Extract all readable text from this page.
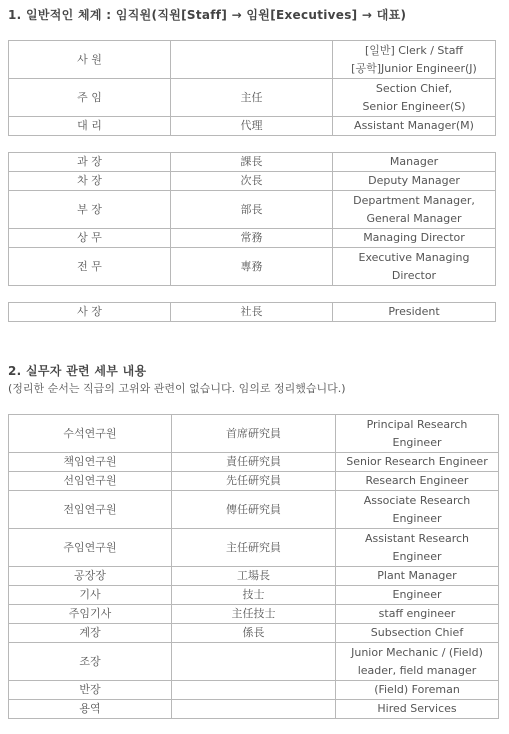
1. 일반적인 체계 : 임직원(직원[Staff] → 임원[Executives] → 대표)
사 원		[일반] Clerk / Staff
[공학]Junior Engineer(J)

주 임	主任	Section Chief,
Senior Engineer(S)

대 리	代理	Assistant Manager(M)
과 장	課長	Manager
차 장	次長	Deputy Manager
부 장	部長	Department Manager,
General Manager

상 무	常務	Managing Director
전 무	專務	Executive Managing
Director
사 장	社長	President
2. 실무자 관련 세부 내용
(정리한 순서는 직급의 고위와 관련이 없습니다. 임의로 정리했습니다.)
수석연구원	首席硏究員	Principal Research
Engineer

책임연구원	責任硏究員	Senior Research Engineer
선임연구원	先任硏究員	Research Engineer
전임연구원	傳任硏究員	Associate Research
Engineer

주임연구원	主任硏究員	Assistant Research
Engineer

공장장	工場長	Plant Manager
기사	技士	Engineer
주임기사	主任技士	staff engineer
계장	係長	Subsection Chief
조장		Junior Mechanic / (Field)
leader, field manager

반장		(Field) Foreman
용역		Hired Services
